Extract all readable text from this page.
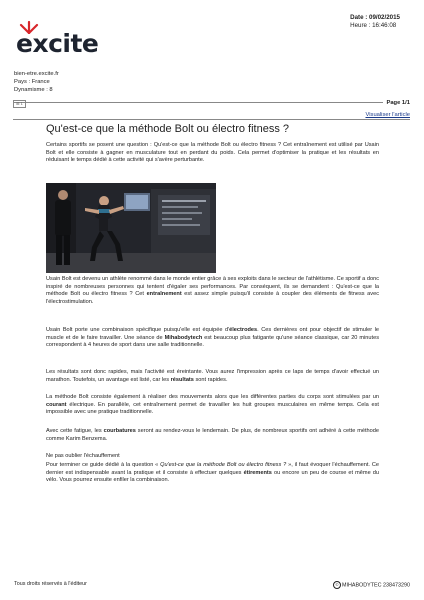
excite
Date : 09/02/2015
Heure : 16:46:08
bien-etre.excite.fr
Pays : France
Dynamisme : 8
⊞ 1	Page 1/1
Visualiser l'article
Qu'est-ce que la méthode Bolt ou électro fitness ?
Certains sportifs se posent une question : Qu'est-ce que la méthode Bolt ou électro fitness ? Cet entraînement est utilisé par Usain Bolt et elle consiste à gagner en musculature tout en perdant du poids. Cela permet d'optimiser la pratique et les résultats en réduisant le temps dédié à cette activité qui s'avère perturbante.
Usain Bolt est devenu un athlète renommé dans le monde entier grâce à ses exploits dans le secteur de l'athlétisme. Ce sportif a donc inspiré de nombreuses personnes qui tentent d'égaler ses performances. Par conséquent, ils se demandent : Qu'est-ce que la méthode Bolt ou électro fitness ? Cet entraînement est assez simple puisqu'il consiste à coupler des éléments de fitness avec l'électrostimulation.
Usain Bolt porte une combinaison spécifique puisqu'elle est équipée d'électrodes. Ces dernières ont pour objectif de stimuler le muscle et de le faire travailler. Une séance de Mihabodytech est beaucoup plus fatigante qu'une séance classique, car 20 minutes correspondent à 4 heures de sport dans une salle traditionnelle.
Les résultats sont donc rapides, mais l'activité est éreintante. Vous aurez l'impression après ce laps de temps d'avoir effectué un marathon. Toutefois, un avantage est listé, car les résultats sont rapides.
La méthode Bolt consiste également à réaliser des mouvements alors que les différentes parties du corps sont stimulées par un courant électrique. En parallèle, cet entraînement permet de travailler les huit groupes musculaires en même temps. Cela est impossible avec une pratique traditionnelle.
Avec cette fatigue, les courbatures seront au rendez-vous le lendemain. De plus, de nombreux sportifs ont adhéré à cette méthode comme Karim Benzema.
Ne pas oublier l'échauffement
Pour terminer ce guide dédié à la question « Qu'est-ce que la méthode Bolt ou électro fitness ? », il faut évoquer l'échauffement. Ce dernier est indispensable avant la pratique et il consiste à effectuer quelques étirements ou encore un peu de course et même du vélo. Vous pourrez ensuite enfiler la combinaison.
Tous droits réservés à l'éditeur	© MIHABODYTEC 238473290
